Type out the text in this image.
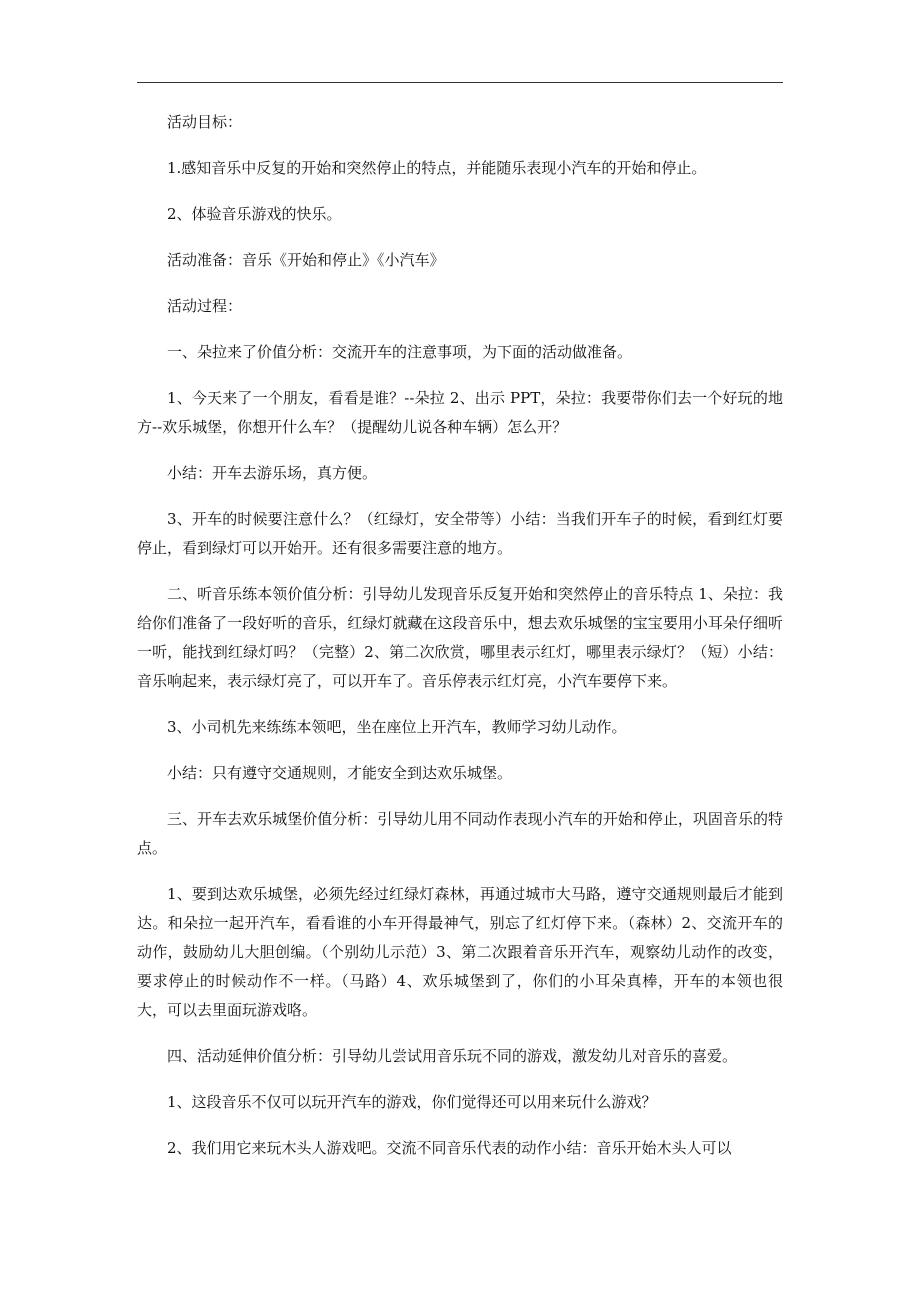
活动目标：

1.感知音乐中反复的开始和突然停止的特点，并能随乐表现小汽车的开始和停止。

2、体验音乐游戏的快乐。

活动准备：音乐《开始和停止》《小汽车》

活动过程：

一、朵拉来了价值分析：交流开车的注意事项，为下面的活动做准备。

1、今天来了一个朋友，看看是谁？--朵拉 2、出示 PPT，朵拉：我要带你们去一个好玩的地方--欢乐城堡，你想开什么车？（提醒幼儿说各种车辆）怎么开？

小结：开车去游乐场，真方便。

3、开车的时候要注意什么？（红绿灯，安全带等）小结：当我们开车子的时候，看到红灯要停止，看到绿灯可以开始开。还有很多需要注意的地方。

二、听音乐练本领价值分析：引导幼儿发现音乐反复开始和突然停止的音乐特点 1、朵拉：我给你们准备了一段好听的音乐，红绿灯就藏在这段音乐中，想去欢乐城堡的宝宝要用小耳朵仔细听一听，能找到红绿灯吗？（完整）2、第二次欣赏，哪里表示红灯，哪里表示绿灯？（短）小结：音乐响起来，表示绿灯亮了，可以开车了。音乐停表示红灯亮，小汽车要停下来。

3、小司机先来练练本领吧，坐在座位上开汽车，教师学习幼儿动作。

小结：只有遵守交通规则，才能安全到达欢乐城堡。

三、开车去欢乐城堡价值分析：引导幼儿用不同动作表现小汽车的开始和停止，巩固音乐的特点。

1、要到达欢乐城堡，必须先经过红绿灯森林，再通过城市大马路，遵守交通规则最后才能到达。和朵拉一起开汽车，看看谁的小车开得最神气，别忘了红灯停下来。（森林）2、交流开车的动作，鼓励幼儿大胆创编。（个别幼儿示范）3、第二次跟着音乐开汽车，观察幼儿动作的改变，要求停止的时候动作不一样。（马路）4、欢乐城堡到了，你们的小耳朵真棒，开车的本领也很大，可以去里面玩游戏咯。

四、活动延伸价值分析：引导幼儿尝试用音乐玩不同的游戏，激发幼儿对音乐的喜爱。

1、这段音乐不仅可以玩开汽车的游戏，你们觉得还可以用来玩什么游戏？

2、我们用它来玩木头人游戏吧。交流不同音乐代表的动作小结：音乐开始木头人可以
